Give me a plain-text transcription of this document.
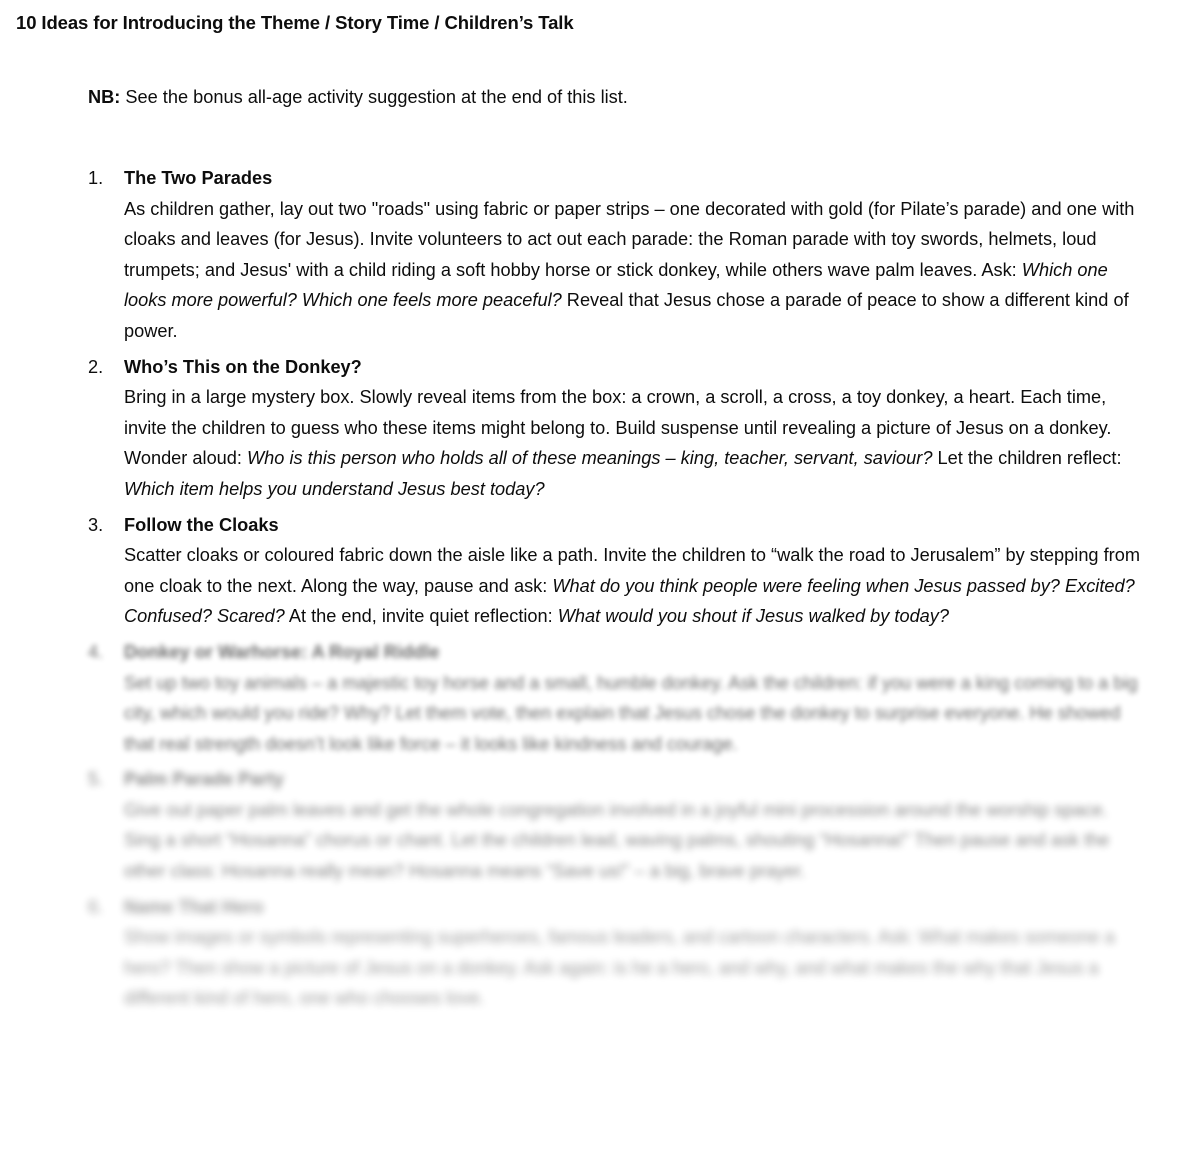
10 Ideas for Introducing the Theme / Story Time / Children’s Talk
NB: See the bonus all-age activity suggestion at the end of this list.
1.	The Two Parades
As children gather, lay out two "roads" using fabric or paper strips – one decorated with gold (for Pilate’s parade) and one with cloaks and leaves (for Jesus). Invite volunteers to act out each parade: the Roman parade with toy swords, helmets, loud trumpets; and Jesus' with a child riding a soft hobby horse or stick donkey, while others wave palm leaves. Ask: Which one looks more powerful? Which one feels more peaceful? Reveal that Jesus chose a parade of peace to show a different kind of power.
2.	Who’s This on the Donkey?
Bring in a large mystery box. Slowly reveal items from the box: a crown, a scroll, a cross, a toy donkey, a heart. Each time, invite the children to guess who these items might belong to. Build suspense until revealing a picture of Jesus on a donkey. Wonder aloud: Who is this person who holds all of these meanings – king, teacher, servant, saviour? Let the children reflect: Which item helps you understand Jesus best today?
3.	Follow the Cloaks
Scatter cloaks or coloured fabric down the aisle like a path. Invite the children to “walk the road to Jerusalem” by stepping from one cloak to the next. Along the way, pause and ask: What do you think people were feeling when Jesus passed by? Excited? Confused? Scared? At the end, invite quiet reflection: What would you shout if Jesus walked by today?
4.	Donkey or Warhorse: A Royal Riddle
Set up two toy animals – a majestic toy horse and a small, humble donkey. Ask the children: if you were a king coming to a big city, which would you ride? Why? Let them vote, then explain that Jesus chose the donkey to surprise everyone. He showed that real strength doesn’t look like force – it looks like kindness and courage.
5.	Palm Parade Party
Give out paper palm leaves and get the whole congregation involved in a joyful mini procession around the worship space. Sing a short “Hosanna” chorus or chant. Let the children lead, waving palms, shouting “Hosanna!” Then pause and ask the other class: Hosanna really mean? Hosanna means “Save us!” – a big, brave prayer.
6.	Name That Hero
Show images or symbols representing superheroes, famous leaders, and cartoon characters. Ask: What makes someone a hero? Then show a picture of Jesus on a donkey. Ask again: is he a hero, and why, and what makes the why that Jesus a different kind of hero, one who chooses love.
